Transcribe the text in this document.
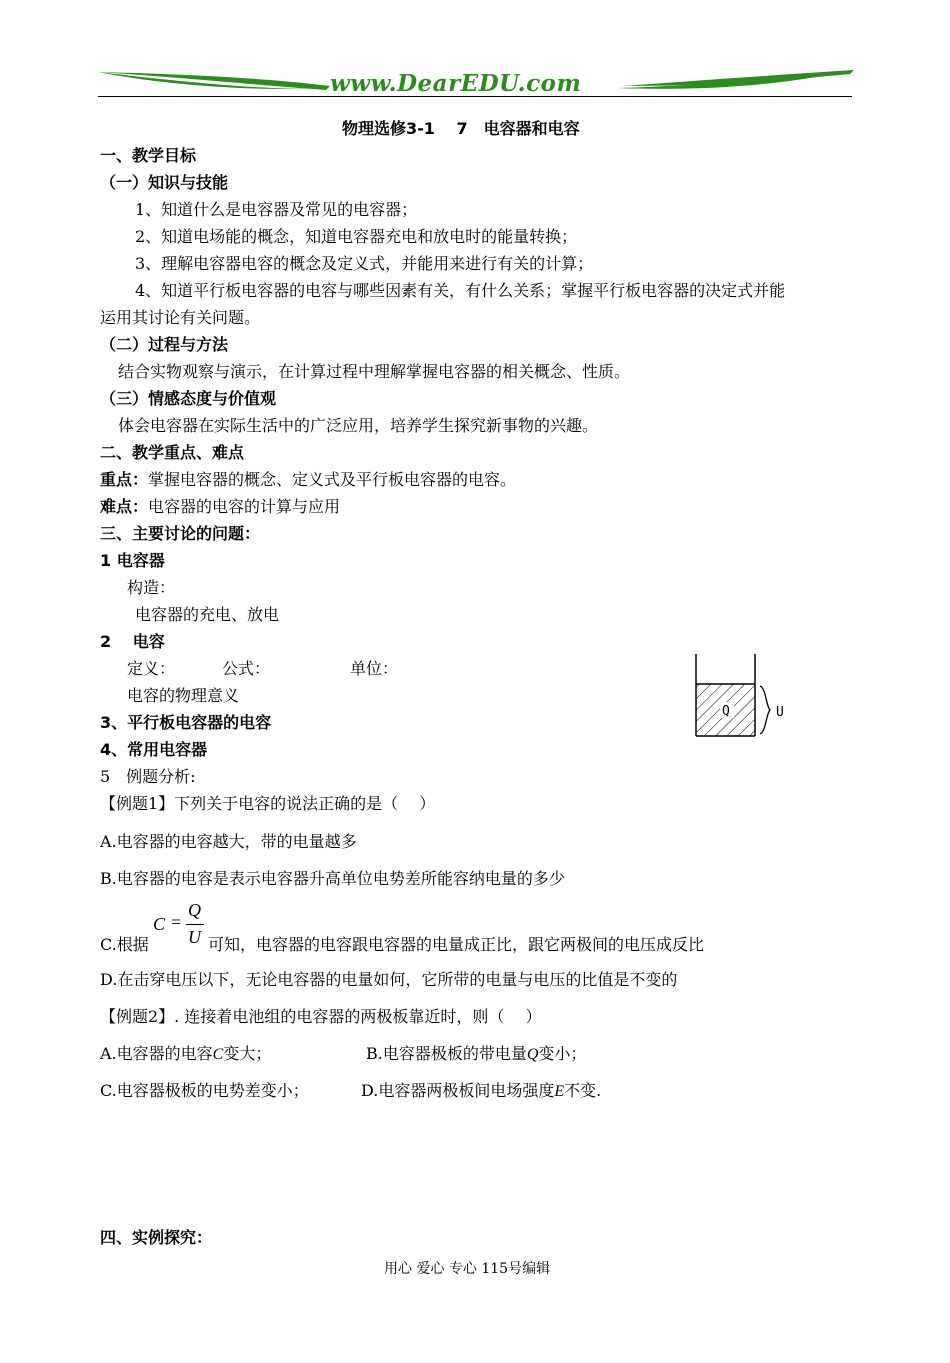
www.DearEDU.com
物理选修3-1　 7　电容器和电容
一、教学目标
（一）知识与技能
1、知道什么是电容器及常见的电容器；
2、知道电场能的概念，知道电容器充电和放电时的能量转换；
3、理解电容器电容的概念及定义式，并能用来进行有关的计算；
4、知道平行板电容器的电容与哪些因素有关，有什么关系；掌握平行板电容器的决定式并能
运用其讨论有关问题。
（二）过程与方法
结合实物观察与演示，在计算过程中理解掌握电容器的相关概念、性质。
（三）情感态度与价值观
体会电容器在实际生活中的广泛应用，培养学生探究新事物的兴趣。
二、教学重点、难点
重点：掌握电容器的概念、定义式及平行板电容器的电容。
难点：电容器的电容的计算与应用
三、主要讨论的问题：
1 电容器
构造：
电容器的充电、放电
2　 电容
定义：	公式：	单位：
电容的物理意义
3、平行板电容器的电容
4、常用电容器
5　例题分析:
Q	U
【例题1】下列关于电容的说法正确的是（　 ）
A.电容器的电容越大，带的电量越多
B.电容器的电容是表示电容器升高单位电势差所能容纳电量的多少
C.根据
C =
Q
U 可知，电容器的电容跟电容器的电量成正比，跟它两极间的电压成反比
D.在击穿电压以下，无论电容器的电量如何，它所带的电量与电压的比值是不变的
【例题2】. 连接着电池组的电容器的两极板靠近时，则（　 ）
A.电容器的电容C变大；	B.电容器极板的带电量Q变小；
C.电容器极板的电势差变小；	D.电容器两极板间电场强度E不变.
四、实例探究：
用心 爱心 专心 115号编辑
